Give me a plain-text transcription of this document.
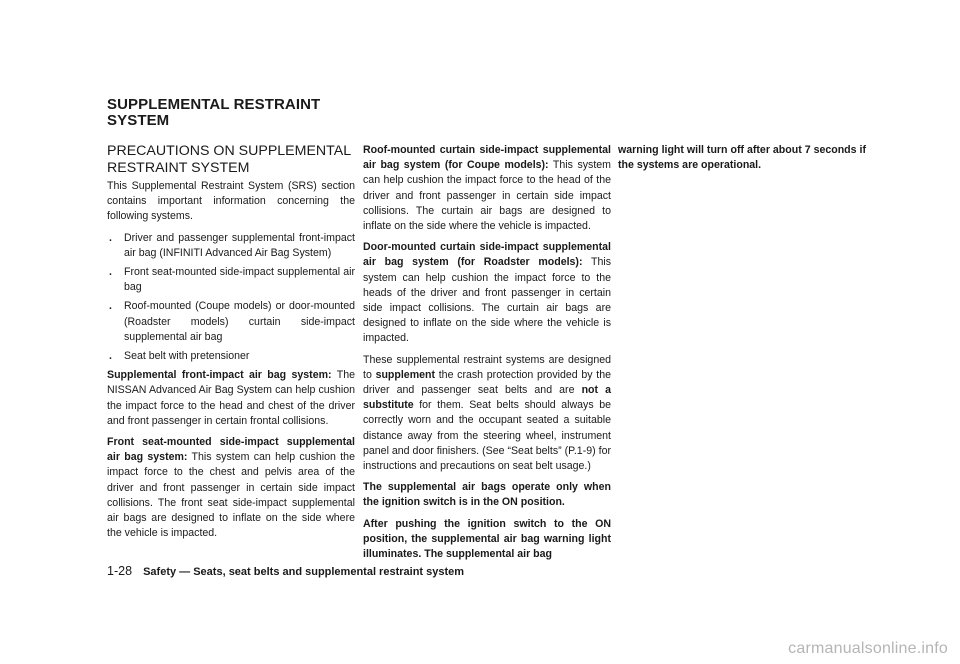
SUPPLEMENTAL RESTRAINT
SYSTEM
PRECAUTIONS ON SUPPLEMENTAL
RESTRAINT SYSTEM

This Supplemental Restraint System (SRS) section contains important information concerning the following systems.

. Driver and passenger supplemental front-impact air bag (INFINITI Advanced Air Bag System)
. Front seat-mounted side-impact supplemental air bag
. Roof-mounted (Coupe models) or door-mounted (Roadster models) curtain side-impact supplemental air bag
. Seat belt with pretensioner

Supplemental front-impact air bag system: The NISSAN Advanced Air Bag System can help cushion the impact force to the head and chest of the driver and front passenger in certain frontal collisions.

Front seat-mounted side-impact supplemental air bag system: This system can help cushion the impact force to the chest and pelvis area of the driver and front passenger in certain side impact collisions. The front seat side-impact supplemental air bags are designed to inflate on the side where the vehicle is impacted.

Roof-mounted curtain side-impact supplemental air bag system (for Coupe models): This system can help cushion the impact force to the head of the driver and front passenger in certain side impact collisions. The curtain air bags are designed to inflate on the side where the vehicle is impacted.

Door-mounted curtain side-impact supplemental air bag system (for Roadster models): This system can help cushion the impact force to the heads of the driver and front passenger in certain side impact collisions. The curtain air bags are designed to inflate on the side where the vehicle is impacted.

These supplemental restraint systems are designed to supplement the crash protection provided by the driver and passenger seat belts and are not a substitute for them. Seat belts should always be correctly worn and the occupant seated a suitable distance away from the steering wheel, instrument panel and door finishers. (See “Seat belts” (P.1-9) for instructions and precautions on seat belt usage.)

The supplemental air bags operate only when the ignition switch is in the ON position.

After pushing the ignition switch to the ON position, the supplemental air bag warning light illuminates. The supplemental air bag

warning light will turn off after about 7 seconds if the systems are operational.

1-28 Safety — Seats, seat belts and supplemental restraint system
carmanualsonline.info
